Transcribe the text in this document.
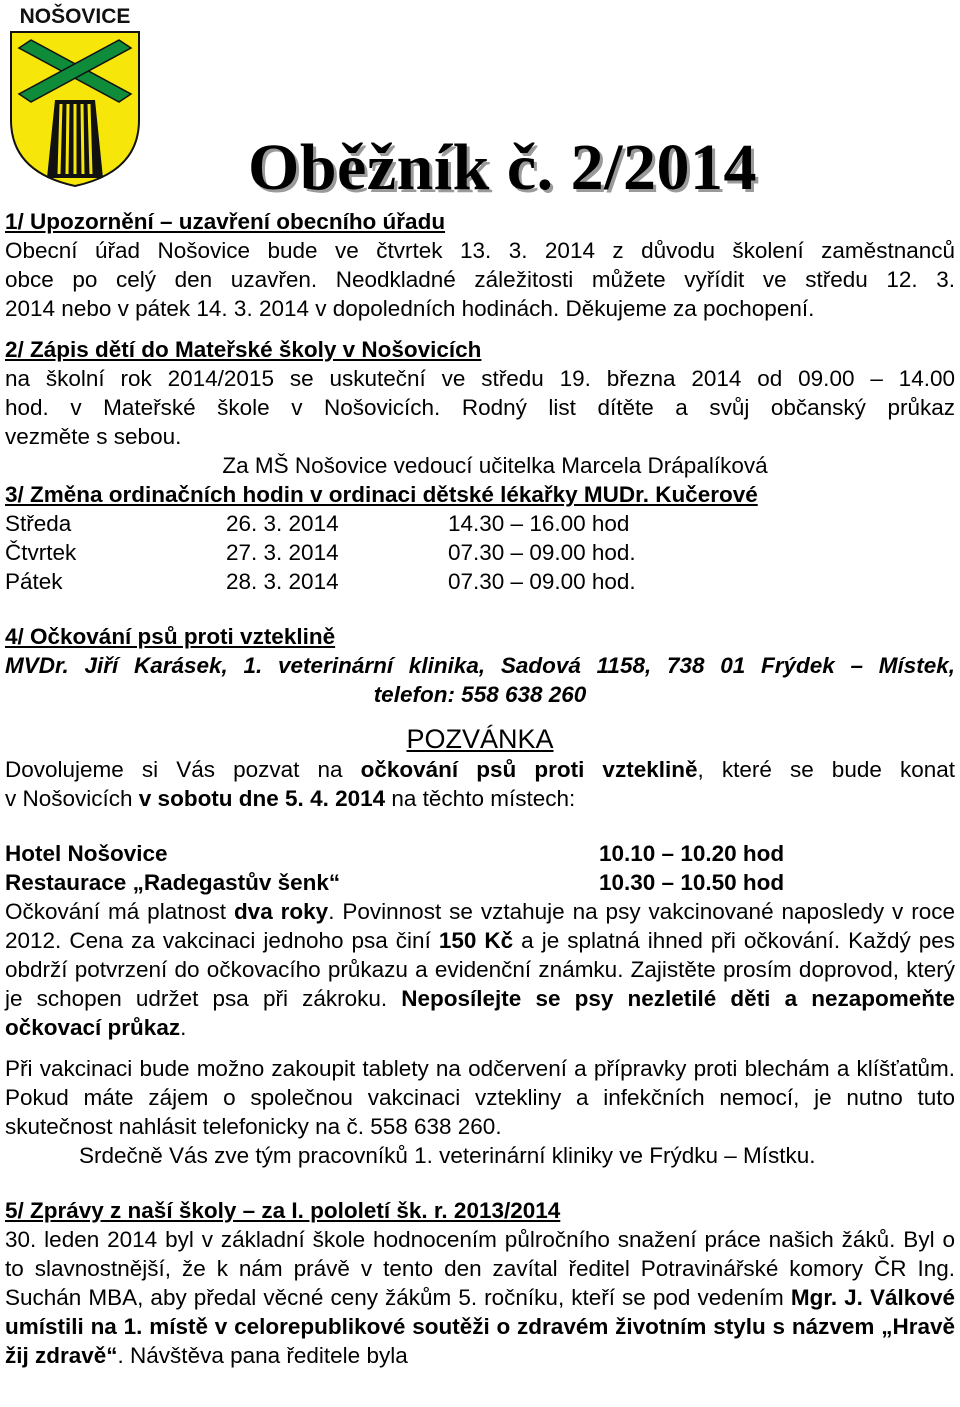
NOŠOVICE
Oběžník č. 2/2014
1/ Upozornění – uzavření obecního úřadu
Obecní úřad Nošovice bude ve čtvrtek 13. 3. 2014 z důvodu školení zaměstnanců
obce po celý den uzavřen. Neodkladné záležitosti můžete vyřídit ve středu 12. 3.
2014 nebo v pátek 14. 3. 2014 v dopoledních hodinách. Děkujeme za pochopení.
2/ Zápis dětí do Mateřské školy v Nošovicích
na školní rok 2014/2015 se uskuteční ve středu 19. března 2014 od 09.00 – 14.00
hod. v Mateřské škole v Nošovicích. Rodný list dítěte a svůj občanský průkaz
vezměte s sebou.
Za MŠ Nošovice vedoucí učitelka Marcela Drápalíková
3/ Změna ordinačních hodin v ordinaci dětské lékařky MUDr. Kučerové
Středa	26. 3. 2014	14.30 – 16.00 hod
Čtvrtek	27. 3. 2014	07.30 – 09.00 hod.
Pátek	28. 3. 2014	07.30 – 09.00 hod.
4/ Očkování psů proti vzteklině
MVDr. Jiří Karásek, 1. veterinární klinika, Sadová 1158, 738 01 Frýdek – Místek,
telefon: 558 638 260
POZVÁNKA
Dovolujeme si Vás pozvat na očkování psů proti vzteklině, které se bude konat
v Nošovicích v sobotu dne 5. 4. 2014 na těchto místech:
Hotel Nošovice	10.10 – 10.20 hod
Restaurace „Radegastův šenk“	10.30 – 10.50 hod
Očkování má platnost dva roky. Povinnost se vztahuje na psy vakcinované naposledy v roce 2012. Cena za vakcinaci jednoho psa činí 150 Kč a je splatná ihned při očkování. Každý pes obdrží potvrzení do očkovacího průkazu a evidenční známku. Zajistěte prosím doprovod, který je schopen udržet psa při zákroku. Neposílejte se psy nezletilé děti a nezapomeňte očkovací průkaz.
Při vakcinaci bude možno zakoupit tablety na odčervení a přípravky proti blechám a klíšťatům. Pokud máte zájem o společnou vakcinaci vztekliny a infekčních nemocí, je nutno tuto skutečnost nahlásit telefonicky na č. 558 638 260.
Srdečně Vás zve tým pracovníků 1. veterinární kliniky ve Frýdku – Místku.
5/ Zprávy z naší školy – za I. pololetí šk. r. 2013/2014
30. leden 2014 byl v základní škole hodnocením půlročního snažení práce našich žáků. Byl o to slavnostnější, že k nám právě v tento den zavítal ředitel Potravinářské komory ČR Ing. Suchán MBA, aby předal věcné ceny žákům 5. ročníku, kteří se pod vedením Mgr. J. Válkové umístili na 1. místě v celorepublikové soutěži o zdravém životním stylu s názvem „Hravě žij zdravě“. Návštěva pana ředitele byla
